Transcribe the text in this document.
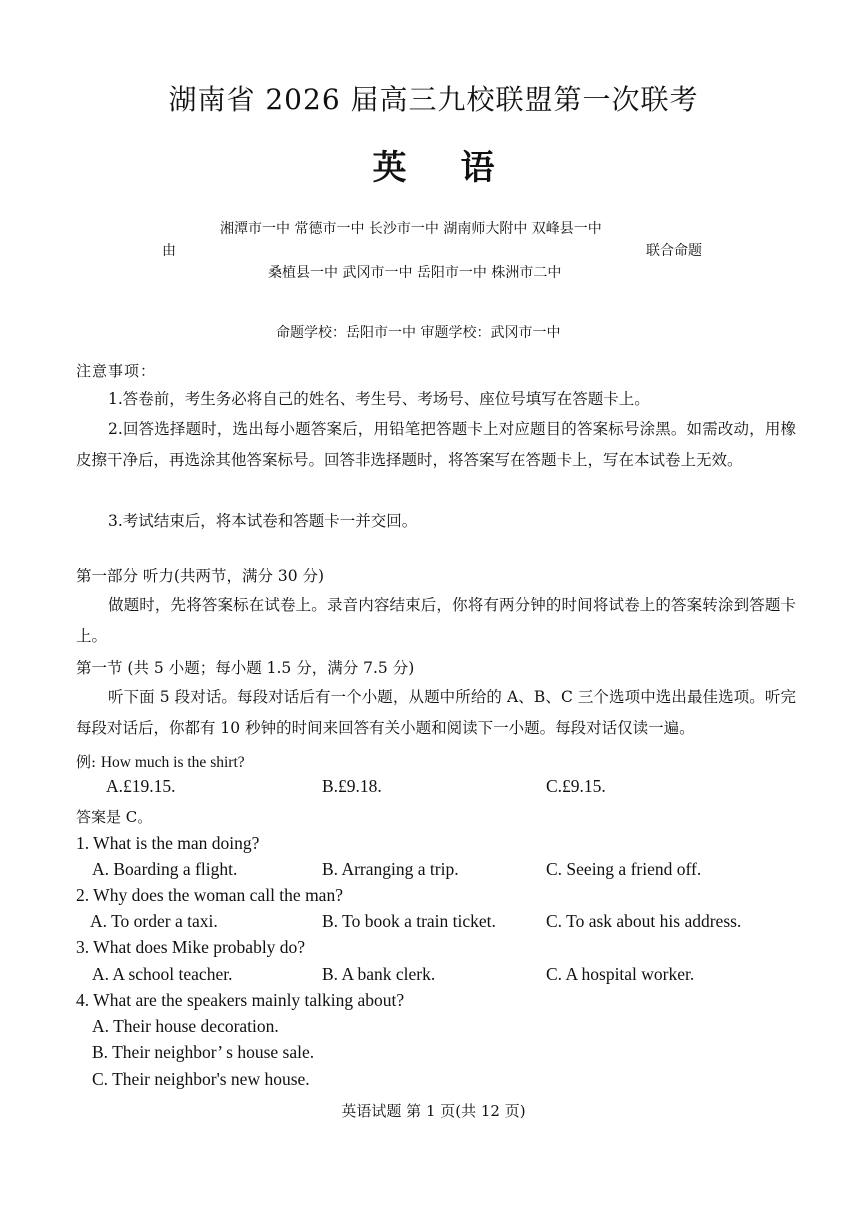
湖南省 2026 届高三九校联盟第一次联考
英语
湘潭市一中 常德市一中 长沙市一中 湖南师大附中 双峰县一中
由	联合命题
桑植县一中 武冈市一中 岳阳市一中 株洲市二中
命题学校：岳阳市一中 审题学校：武冈市一中
注意事项：
1.答卷前，考生务必将自己的姓名、考生号、考场号、座位号填写在答题卡上。
2.回答选择题时，选出每小题答案后，用铅笔把答题卡上对应题目的答案标号涂黑。如需改动，用橡皮擦干净后，再选涂其他答案标号。回答非选择题时，将答案写在答题卡上，写在本试卷上无效。
3.考试结束后，将本试卷和答题卡一并交回。
第一部分 听力(共两节，满分 30 分)
做题时，先将答案标在试卷上。录音内容结束后，你将有两分钟的时间将试卷上的答案转涂到答题卡上。
第一节 (共 5 小题；每小题 1.5 分，满分 7.5 分)
听下面 5 段对话。每段对话后有一个小题，从题中所给的 A、B、C 三个选项中选出最佳选项。听完每段对话后，你都有 10 秒钟的时间来回答有关小题和阅读下一小题。每段对话仅读一遍。
例: How much is the shirt?
A.£19.15.	B.£9.18.	C.£9.15.
答案是 C。
1. What is the man doing?
A. Boarding a flight.	B. Arranging a trip.	C. Seeing a friend off.
2. Why does the woman call the man?
A. To order a taxi.	B. To book a train ticket.	C. To ask about his address.
3. What does Mike probably do?
A. A school teacher.	B. A bank clerk.	C. A hospital worker.
4. What are the speakers mainly talking about?
A. Their house decoration.
B. Their neighbor’ s house sale.
C. Their neighbor's new house.
英语试题 第 1 页(共 12 页)
